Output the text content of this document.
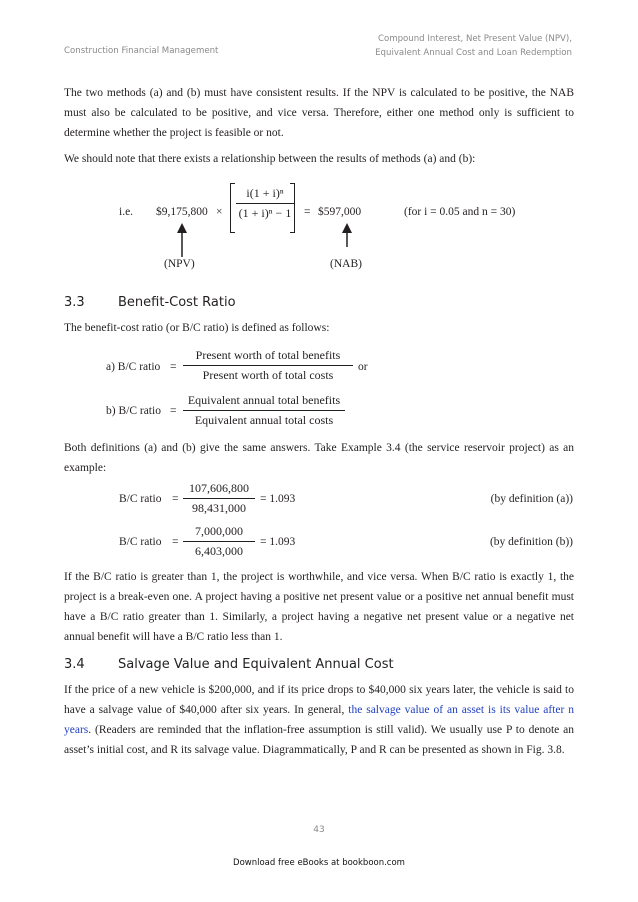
Construction Financial Management
Compound Interest, Net Present Value (NPV),
Equivalent Annual Cost and Loan Redemption
The two methods (a) and (b) must have consistent results. If the NPV is calculated to be positive, the NAB must also be calculated to be positive, and vice versa. Therefore, either one method only is sufficient to determine whether the project is feasible or not.
We should note that there exists a relationship between the results of methods (a) and (b):
i.e. $9,175,800 ×
i(1 + i)ⁿ
(1 + i)ⁿ − 1 = $597,000	(for i = 0.05 and n = 30)
(NPV)	(NAB)
3.3	Benefit-Cost Ratio
The benefit-cost ratio (or B/C ratio) is defined as follows:
a) B/C ratio =
Present worth of total benefits
Present worth of total costs
or
b) B/C ratio =
Equivalent annual total benefits
Equivalent annual total costs
Both definitions (a) and (b) give the same answers. Take Example 3.4 (the service reservoir project) as an example:
B/C ratio =
107,606,800
98,431,000
= 1.093	(by definition (a))
B/C ratio =
7,000,000
6,403,000
= 1.093	(by definition (b))
If the B/C ratio is greater than 1, the project is worthwhile, and vice versa. When B/C ratio is exactly 1, the project is a break-even one. A project having a positive net present value or a positive net annual benefit must have a B/C ratio greater than 1. Similarly, a project having a negative net present value or a negative net annual benefit will have a B/C ratio less than 1.
3.4	Salvage Value and Equivalent Annual Cost
If the price of a new vehicle is $200,000, and if its price drops to $40,000 six years later, the vehicle is said to have a salvage value of $40,000 after six years. In general, the salvage value of an asset is its value after n years. (Readers are reminded that the inflation-free assumption is still valid). We usually use P to denote an asset’s initial cost, and R its salvage value. Diagrammatically, P and R can be presented as shown in Fig. 3.8.
43
Download free eBooks at bookboon.com
